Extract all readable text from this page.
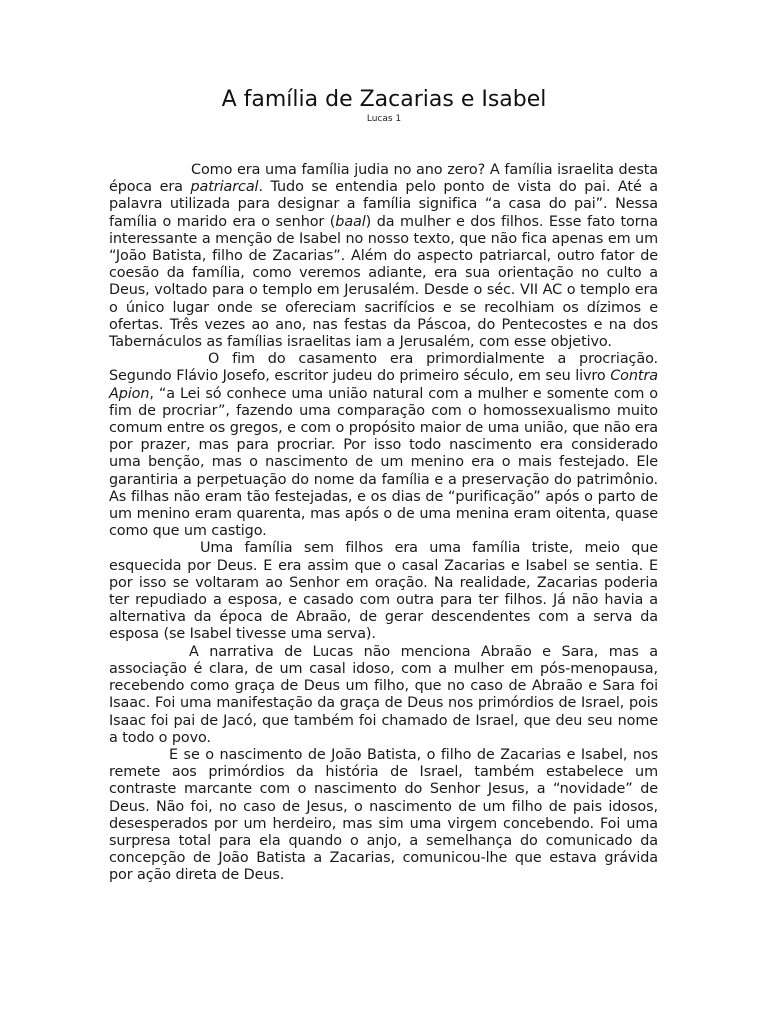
A família de Zacarias e Isabel
Lucas 1

Como era uma família judia no ano zero? A família israelita desta época era patriarcal. Tudo se entendia pelo ponto de vista do pai. Até a palavra utilizada para designar a família significa “a casa do pai”. Nessa família o marido era o senhor (baal) da mulher e dos filhos. Esse fato torna interessante a menção de Isabel no nosso texto, que não fica apenas em um “João Batista, filho de Zacarias”. Além do aspecto patriarcal, outro fator de coesão da família, como veremos adiante, era sua orientação no culto a Deus, voltado para o templo em Jerusalém. Desde o séc. VII AC o templo era o único lugar onde se ofereciam sacrifícios e se recolhiam os dízimos e ofertas. Três vezes ao ano, nas festas da Páscoa, do Pentecostes e na dos Tabernáculos as famílias israelitas iam a Jerusalém, com esse objetivo.

O fim do casamento era primordialmente a procriação. Segundo Flávio Josefo, escritor judeu do primeiro século, em seu livro Contra Apion, “a Lei só conhece uma união natural com a mulher e somente com o fim de procriar”, fazendo uma comparação com o homossexualismo muito comum entre os gregos, e com o propósito maior de uma união, que não era por prazer, mas para procriar. Por isso todo nascimento era considerado uma benção, mas o nascimento de um menino era o mais festejado. Ele garantiria a perpetuação do nome da família e a preservação do patrimônio. As filhas não eram tão festejadas, e os dias de “purificação” após o parto de um menino eram quarenta, mas após o de uma menina eram oitenta, quase como que um castigo.

Uma família sem filhos era uma família triste, meio que esquecida por Deus. E era assim que o casal Zacarias e Isabel se sentia. E por isso se voltaram ao Senhor em oração. Na realidade, Zacarias poderia ter repudiado a esposa, e casado com outra para ter filhos. Já não havia a alternativa da época de Abraão, de gerar descendentes com a serva da esposa (se Isabel tivesse uma serva).

A narrativa de Lucas não menciona Abraão e Sara, mas a associação é clara, de um casal idoso, com a mulher em pós-menopausa, recebendo como graça de Deus um filho, que no caso de Abraão e Sara foi Isaac. Foi uma manifestação da graça de Deus nos primórdios de Israel, pois Isaac foi pai de Jacó, que também foi chamado de Israel, que deu seu nome a todo o povo.

E se o nascimento de João Batista, o filho de Zacarias e Isabel, nos remete aos primórdios da história de Israel, também estabelece um contraste marcante com o nascimento do Senhor Jesus, a “novidade” de Deus. Não foi, no caso de Jesus, o nascimento de um filho de pais idosos, desesperados por um herdeiro, mas sim uma virgem concebendo. Foi uma surpresa total para ela quando o anjo, a semelhança do comunicado da concepção de João Batista a Zacarias, comunicou-lhe que estava grávida por ação direta de Deus.
